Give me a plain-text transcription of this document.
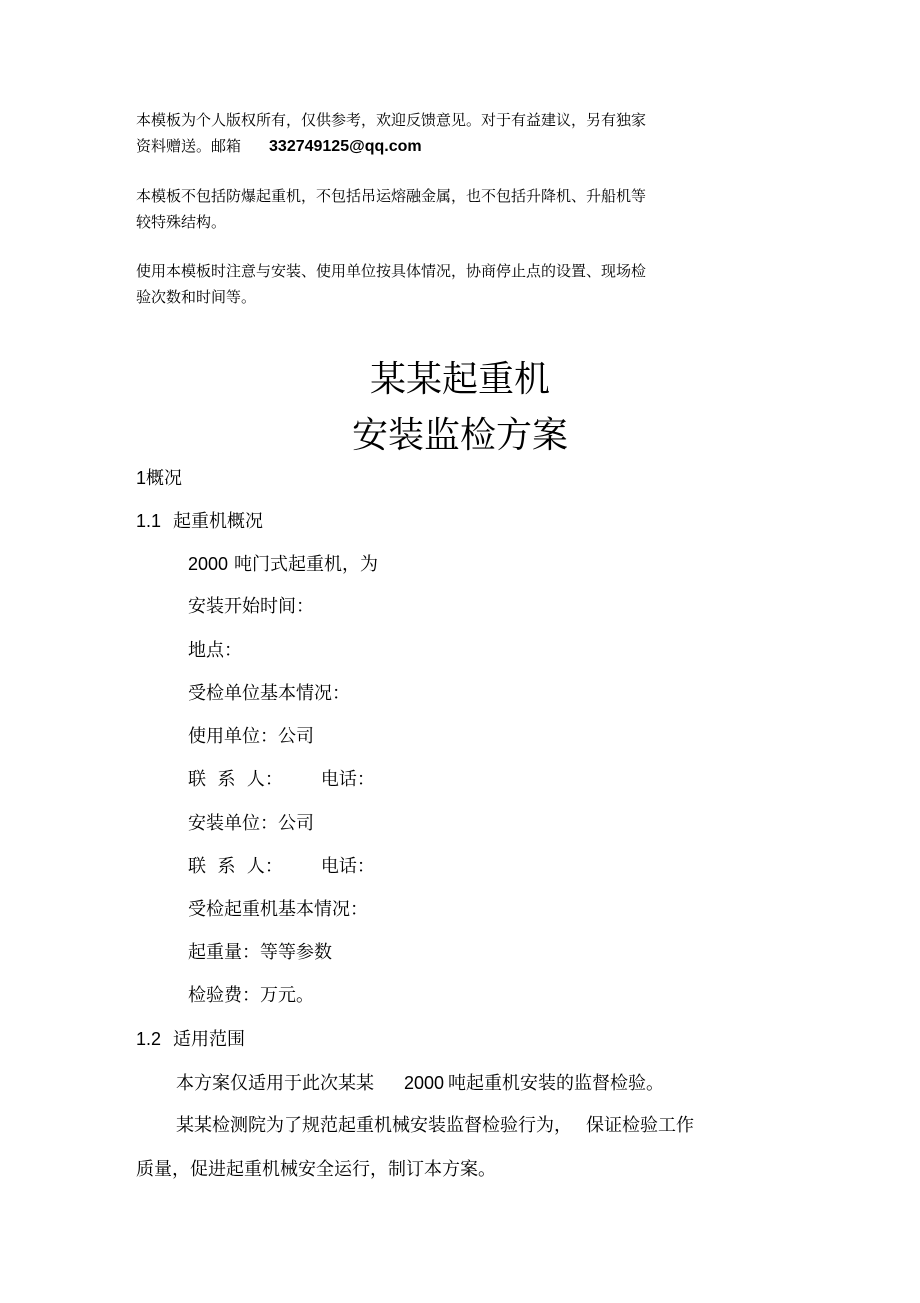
本模板为个人版权所有，仅供参考，欢迎反馈意见。对于有益建议，另有独家
资料赠送。邮箱 332749125@qq.com
本模板不包括防爆起重机，不包括吊运熔融金属，也不包括升降机、升船机等
较特殊结构。
使用本模板时注意与安装、使用单位按具体情况，协商停止点的设置、现场检
验次数和时间等。
某某起重机
安装监检方案
1概况
1.1 起重机概况
2000 吨门式起重机，为
安装开始时间：
地点：
受检单位基本情况：
使用单位：公司
联  系  人： 电话：
安装单位：公司
联  系  人： 电话：
受检起重机基本情况：
起重量：等等参数
检验费：万元。
1.2 适用范围
本方案仅适用于此次某某 2000 吨起重机安装的监督检验。
某某检测院为了规范起重机械安装监督检验行为， 保证检验工作
质量，促进起重机械安全运行，制订本方案。
